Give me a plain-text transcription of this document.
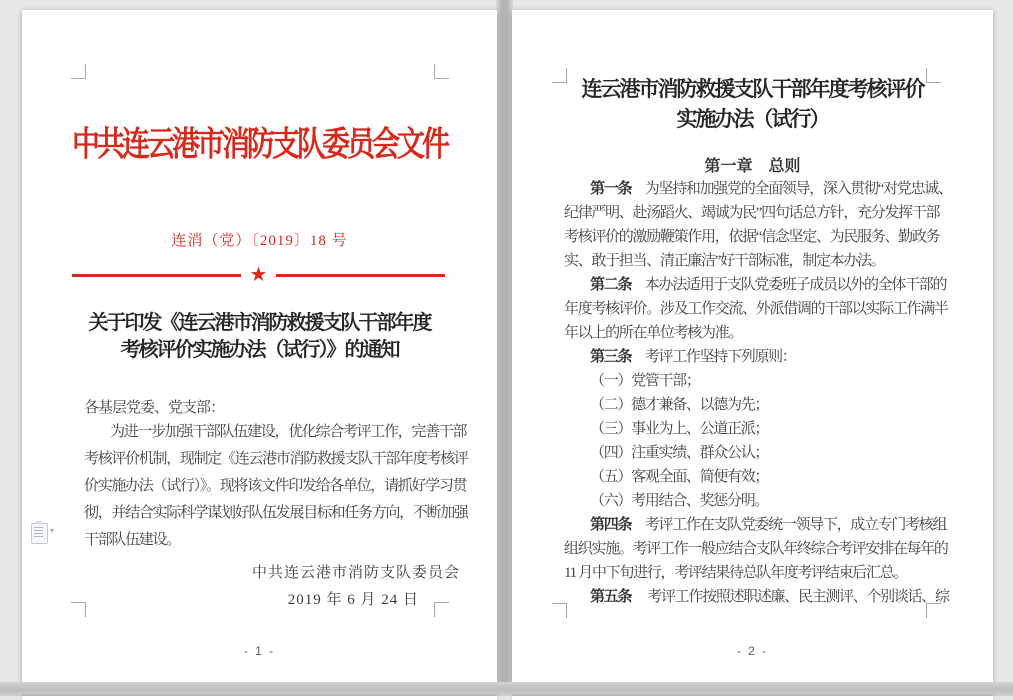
中共连云港市消防支队委员会文件
连消（党）〔2019〕18 号
★
关于印发《连云港市消防救援支队干部年度
考核评价实施办法（试行）》的通知
各基层党委、党支部：
为进一步加强干部队伍建设，优化综合考评工作，完善干部
考核评价机制，现制定《连云港市消防救援支队干部年度考核评
价实施办法（试行）》。现将该文件印发给各单位，请抓好学习贯
彻，并结合实际科学谋划好队伍发展目标和任务方向，不断加强
干部队伍建设。
中共连云港市消防支队委员会
2019 年 6 月 24 日
- 1 -
连云港市消防救援支队干部年度考核评价
实施办法（试行）
第一章　总则
第一条　为坚持和加强党的全面领导，深入贯彻“对党忠诚、
纪律严明、赴汤蹈火、竭诚为民”四句话总方针，充分发挥干部
考核评价的激励鞭策作用，依据“信念坚定、为民服务、勤政务
实、敢于担当、清正廉洁”好干部标准，制定本办法。
第二条　本办法适用于支队党委班子成员以外的全体干部的
年度考核评价。涉及工作交流、外派借调的干部以实际工作满半
年以上的所在单位考核为准。
第三条　考评工作坚持下列原则：
（一）党管干部；
（二）德才兼备、以德为先；
（三）事业为上、公道正派；
（四）注重实绩、群众公认；
（五）客观全面、简便有效；
（六）考用结合、奖惩分明。
第四条　考评工作在支队党委统一领导下，成立专门考核组
组织实施。考评工作一般应结合支队年终综合考评安排在每年的
11 月中下旬进行，考评结果待总队年度考评结束后汇总。
第五条　 考评工作按照述职述廉、民主测评、个别谈话、综
- 2 -
▾
